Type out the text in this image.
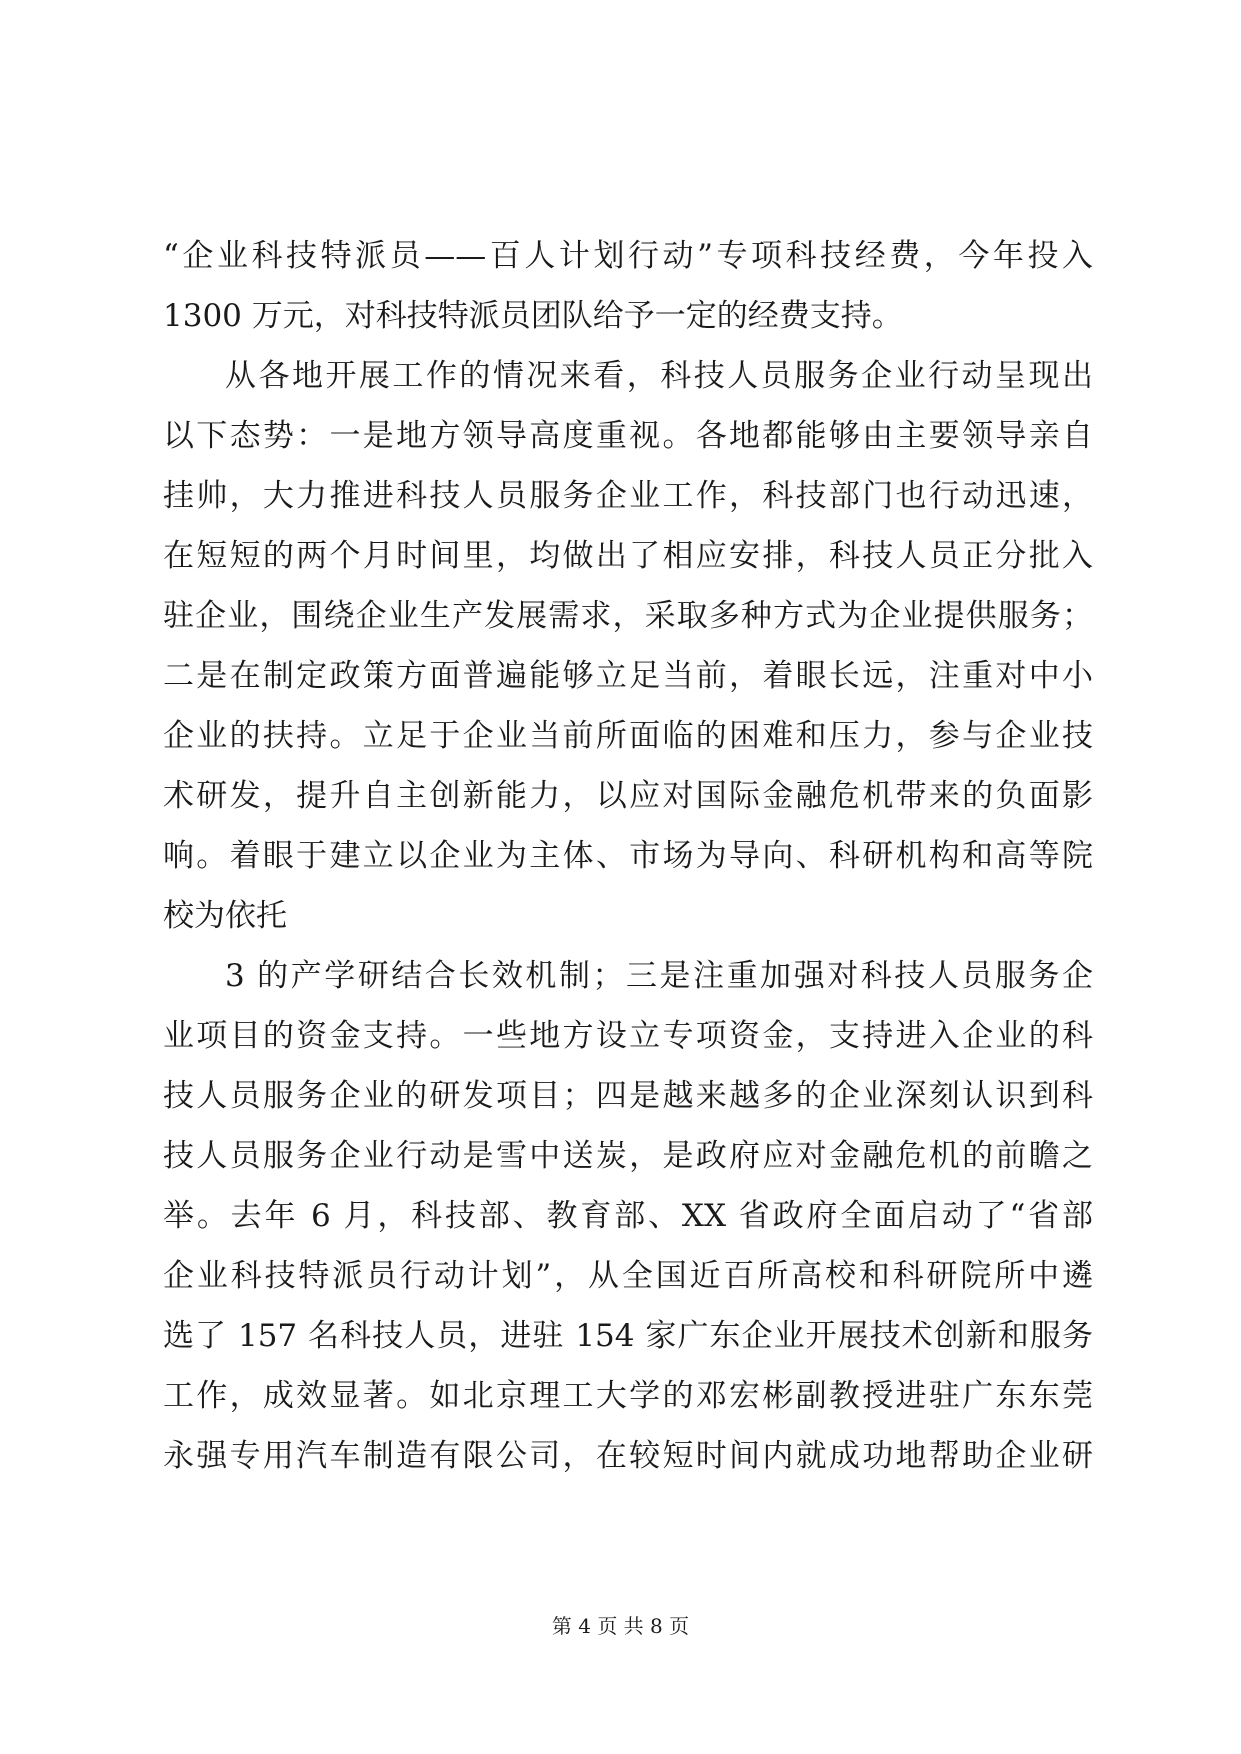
“企业科技特派员——百人计划行动”专项科技经费，今年投入
1300 万元，对科技特派员团队给予一定的经费支持。
从各地开展工作的情况来看，科技人员服务企业行动呈现出
以下态势：一是地方领导高度重视。各地都能够由主要领导亲自
挂帅，大力推进科技人员服务企业工作，科技部门也行动迅速，
在短短的两个月时间里，均做出了相应安排，科技人员正分批入
驻企业，围绕企业生产发展需求，采取多种方式为企业提供服务；
二是在制定政策方面普遍能够立足当前，着眼长远，注重对中小
企业的扶持。立足于企业当前所面临的困难和压力，参与企业技
术研发，提升自主创新能力，以应对国际金融危机带来的负面影
响。着眼于建立以企业为主体、市场为导向、科研机构和高等院
校为依托
3 的产学研结合长效机制；三是注重加强对科技人员服务企
业项目的资金支持。一些地方设立专项资金，支持进入企业的科
技人员服务企业的研发项目；四是越来越多的企业深刻认识到科
技人员服务企业行动是雪中送炭，是政府应对金融危机的前瞻之
举。去年 6 月，科技部、教育部、XX 省政府全面启动了“省部
企业科技特派员行动计划”，从全国近百所高校和科研院所中遴
选了 157 名科技人员，进驻 154 家广东企业开展技术创新和服务
工作，成效显著。如北京理工大学的邓宏彬副教授进驻广东东莞
永强专用汽车制造有限公司，在较短时间内就成功地帮助企业研
第 4 页 共 8 页
